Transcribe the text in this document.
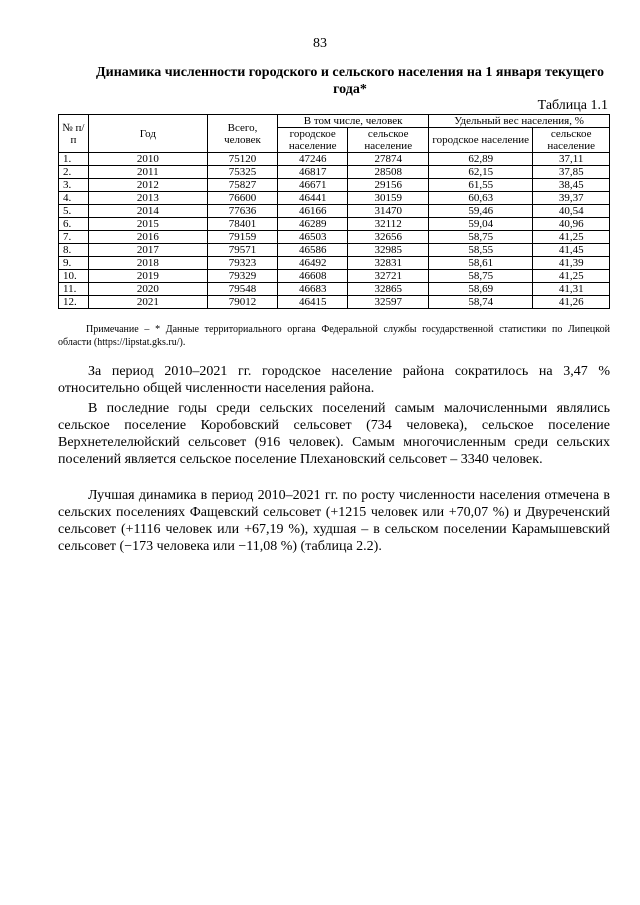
83
Динамика численности городского и сельского населения на 1 января текущего года*
Таблица 1.1
№ п/п	Год	Всего, человек	В том числе, человек		Удельный вес населения, %	
			городское население	сельское население	городское население	сельское население
1.	2010	75120	47246	27874	62,89	37,11
2.	2011	75325	46817	28508	62,15	37,85
3.	2012	75827	46671	29156	61,55	38,45
4.	2013	76600	46441	30159	60,63	39,37
5.	2014	77636	46166	31470	59,46	40,54
6.	2015	78401	46289	32112	59,04	40,96
7.	2016	79159	46503	32656	58,75	41,25
8.	2017	79571	46586	32985	58,55	41,45
9.	2018	79323	46492	32831	58,61	41,39
10.	2019	79329	46608	32721	58,75	41,25
11.	2020	79548	46683	32865	58,69	41,31
12.	2021	79012	46415	32597	58,74	41,26
Примечание – * Данные территориального органа Федеральной службы государственной статистики по Липецкой области (https://lipstat.gks.ru/).

За период 2010–2021 гг. городское население района сократилось на 3,47 % относительно общей численности населения района.

В последние годы среди сельских поселений самым малочисленными являлись сельское поселение Коробовский сельсовет (734 человека), сельское поселение Верхнетелелюйский сельсовет (916 человек). Самым многочисленным среди сельских поселений является сельское поселение Плехановский сельсовет – 3340 человек.

Лучшая динамика в период 2010–2021 гг. по росту численности населения отмечена в сельских поселениях Фащевский сельсовет (+1215 человек или +70,07 %) и Двуреченский сельсовет (+1116 человек или +67,19 %), худшая – в сельском поселении Карамышевский сельсовет (−173 человека или −11,08 %) (таблица 2.2).
